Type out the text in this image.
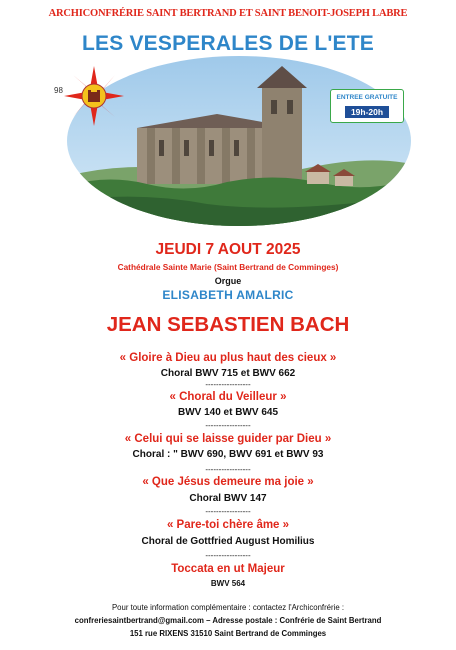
ARCHICONFRÉRIE SAINT BERTRAND ET SAINT BENOIT-JOSEPH LABRE
LES VESPERALES DE L'ETE
98
ENTREE GRATUITE
19h-20h
JEUDI 7 AOUT 2025
Cathédrale Sainte Marie (Saint Bertrand de Comminges)
Orgue
ELISABETH AMALRIC
JEAN SEBASTIEN BACH
« Gloire à Dieu au plus haut des cieux »
Choral BWV 715 et BWV 662
-----------------
« Choral du Veilleur »
BWV 140 et BWV 645
-----------------
« Celui qui se laisse guider par Dieu »
Choral : " BWV 690, BWV 691 et BWV 93
-----------------
« Que Jésus demeure ma joie »
Choral BWV 147
-----------------
« Pare-toi chère âme »
Choral de Gottfried August Homilius
-----------------
Toccata en ut Majeur
BWV 564
Pour toute information complémentaire : contactez l'Archiconfrérie :
confreriesaintbertrand@gmail.com – Adresse postale : Confrérie de Saint Bertrand
151 rue RIXENS 31510 Saint Bertrand de Comminges
